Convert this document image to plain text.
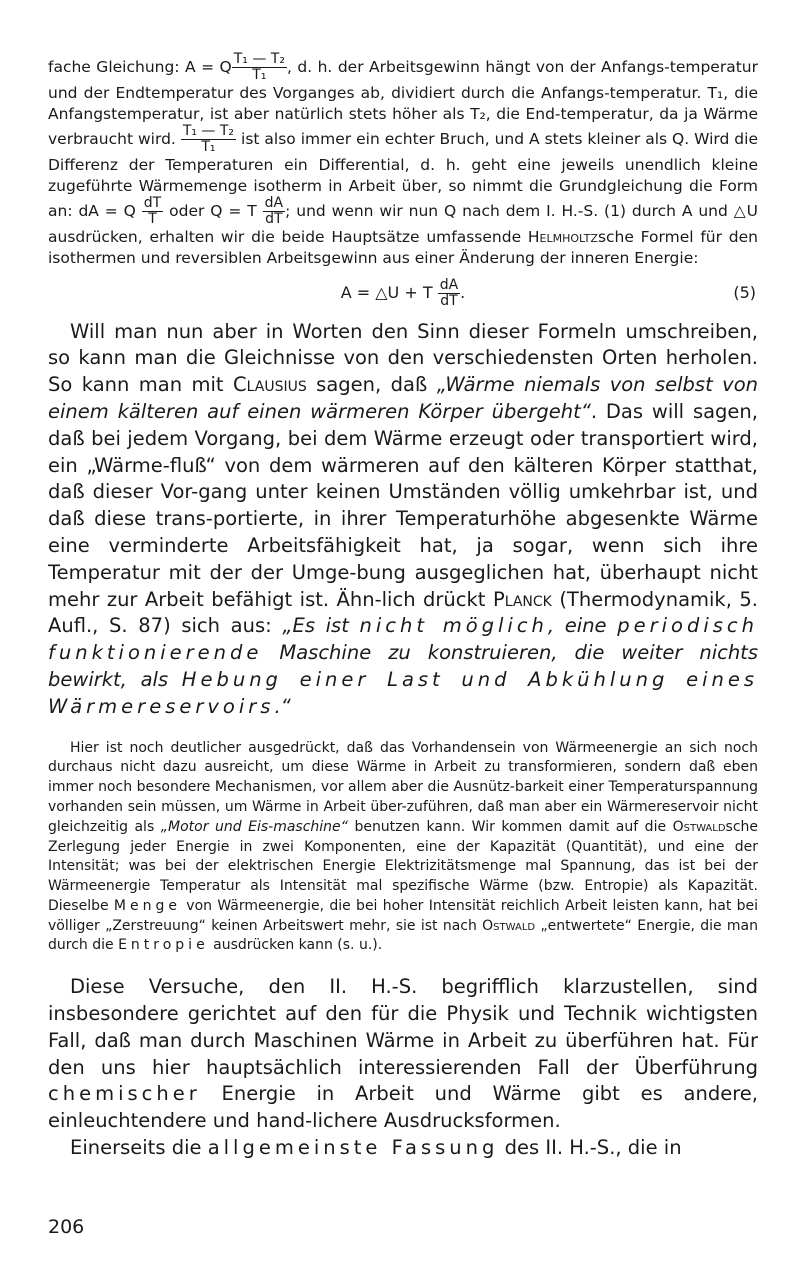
fache Gleichung: A = Q $\frac{\text{T₁ — T₂}}{\text{T₁}}$ , d. h. der Arbeitsgewinn hängt von der Anfangs-temperatur und der Endtemperatur des Vorganges ab, dividiert durch die Anfangs-temperatur. T₁, die Anfangstemperatur, ist aber natürlich stets höher als T₂, die End-temperatur, da ja Wärme verbraucht wird. $\frac{\text{T₁ — T₂}}{\text{T₁}}$ ist also immer ein echter Bruch, und A stets kleiner als Q. Wird die Differenz der Temperaturen ein Differential, d. h. geht eine jeweils unendlich kleine zugeführte Wärmemenge isotherm in Arbeit über, so nimmt die Grundgleichung die Form an: dA = Q $\frac{dT}{T}$ oder Q = T $\frac{dA}{dT}$ ; und wenn wir nun Q nach dem I. H.-S. (1) durch A und △U ausdrücken, erhalten wir die beide Hauptsätze umfassende Helmholtzsche Formel für den isothermen und reversiblen Arbeitsgewinn aus einer Änderung der inneren Energie:

A = △U + T $\frac{dA}{dT}$ .	(5)

Will man nun aber in Worten den Sinn dieser Formeln umschreiben, so kann man die Gleichnisse von den verschiedensten Orten herholen. So kann man mit Clausius sagen, daß „Wärme niemals von selbst von einem kälteren auf einen wärmeren Körper übergeht“. Das will sagen, daß bei jedem Vorgang, bei dem Wärme erzeugt oder transportiert wird, ein „Wärme-fluß“ von dem wärmeren auf den kälteren Körper statthat, daß dieser Vor-gang unter keinen Umständen völlig umkehrbar ist, und daß diese trans-portierte, in ihrer Temperaturhöhe abgesenkte Wärme eine verminderte Arbeitsfähigkeit hat, ja sogar, wenn sich ihre Temperatur mit der der Umge-bung ausgeglichen hat, überhaupt nicht mehr zur Arbeit befähigt ist. Ähn-lich drückt Planck (Thermodynamik, 5. Aufl., S. 87) sich aus: „Es ist nicht möglich, eine periodisch funktionierende Maschine zu konstruieren, die weiter nichts bewirkt, als Hebung einer Last und Abkühlung eines Wärmereservoirs.“

Hier ist noch deutlicher ausgedrückt, daß das Vorhandensein von Wärmeenergie an sich noch durchaus nicht dazu ausreicht, um diese Wärme in Arbeit zu transformieren, sondern daß eben immer noch besondere Mechanismen, vor allem aber die Ausnütz-barkeit einer Temperaturspannung vorhanden sein müssen, um Wärme in Arbeit über-zuführen, daß man aber ein Wärmereservoir nicht gleichzeitig als „Motor und Eis-maschine“ benutzen kann. Wir kommen damit auf die Ostwaldsche Zerlegung jeder Energie in zwei Komponenten, eine der Kapazität (Quantität), und eine der Intensität; was bei der elektrischen Energie Elektrizitätsmenge mal Spannung, das ist bei der Wärmeenergie Temperatur als Intensität mal spezifische Wärme (bzw. Entropie) als Kapazität. Dieselbe Menge von Wärmeenergie, die bei hoher Intensität reichlich Arbeit leisten kann, hat bei völliger „Zerstreuung“ keinen Arbeitswert mehr, sie ist nach Ostwald „entwertete“ Energie, die man durch die Entropie ausdrücken kann (s. u.).

Diese Versuche, den II. H.-S. begrifflich klarzustellen, sind insbesondere gerichtet auf den für die Physik und Technik wichtigsten Fall, daß man durch Maschinen Wärme in Arbeit zu überführen hat. Für den uns hier hauptsächlich interessierenden Fall der Überführung chemischer Energie in Arbeit und Wärme gibt es andere, einleuchtendere und hand-lichere Ausdrucksformen.

Einerseits die allgemeinste Fassung des II. H.-S., die in

206
